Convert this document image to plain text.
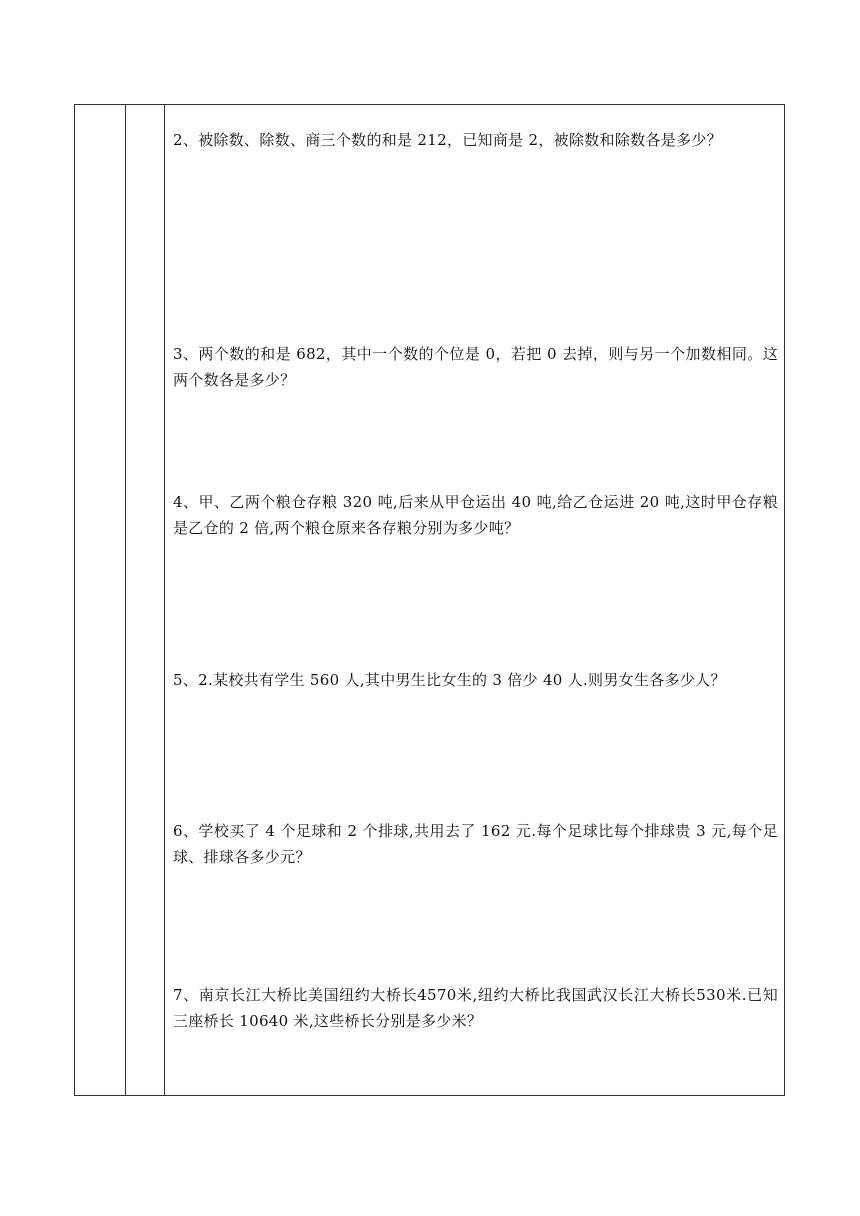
2、被除数、除数、商三个数的和是 212，已知商是 2，被除数和除数各是多少？
3、两个数的和是 682，其中一个数的个位是 0，若把 0 去掉，则与另一个加数相同。这两个数各是多少？
4、甲、乙两个粮仓存粮 320 吨,后来从甲仓运出 40 吨,给乙仓运进 20 吨,这时甲仓存粮是乙仓的 2 倍,两个粮仓原来各存粮分别为多少吨？
5、2.某校共有学生 560 人,其中男生比女生的 3 倍少 40 人.则男女生各多少人？
6、学校买了 4 个足球和 2 个排球,共用去了 162 元.每个足球比每个排球贵 3 元,每个足球、排球各多少元？
7、南京长江大桥比美国纽约大桥长4570米,纽约大桥比我国武汉长江大桥长530米.已知三座桥长 10640 米,这些桥长分别是多少米？
